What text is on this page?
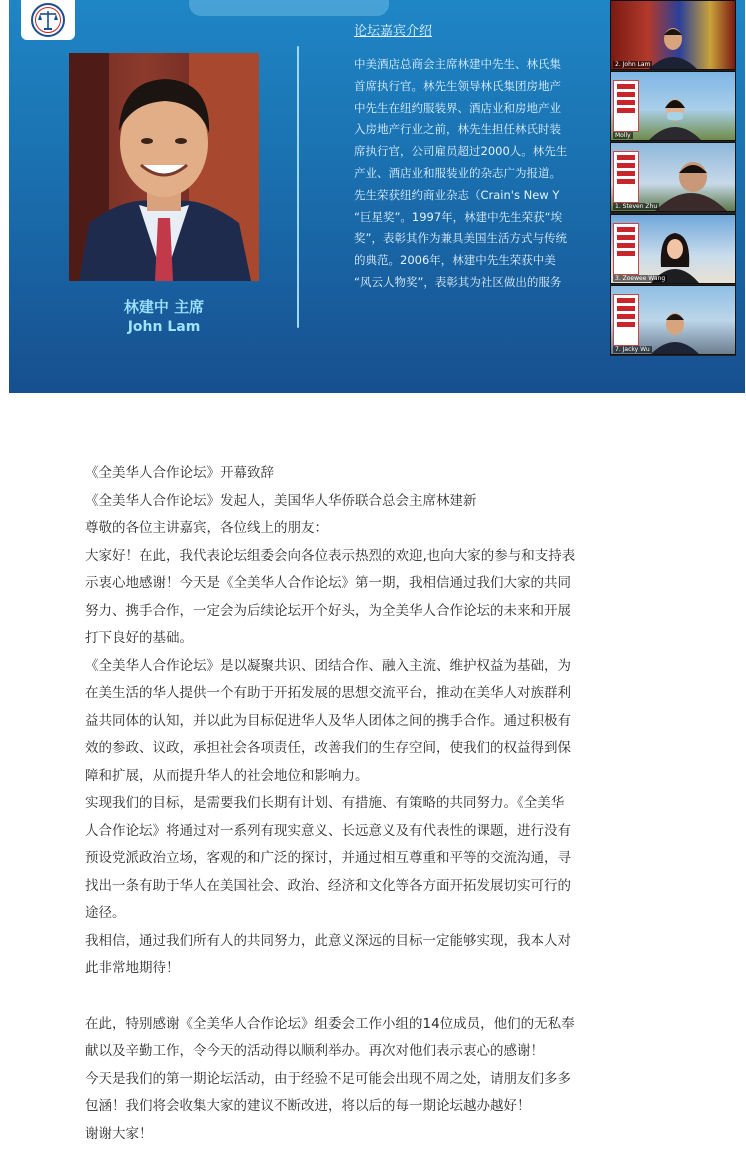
林建中 主席
John Lam
论坛嘉宾介绍
中美酒店总商会主席林建中先生、林氏集
首席执行官。林先生领导林氏集团房地产
中先生在纽约服装界、酒店业和房地产业
入房地产行业之前，林先生担任林氏时装
席执行官，公司雇员超过2000人。林先生
产业、酒店业和服装业的杂志广为报道。
先生荣获纽约商业杂志（Crain's New Y
“巨星奖”。1997年，林建中先生荣获“埃
奖”，表彰其作为兼具美国生活方式与传统
的典范。2006年，林建中先生荣获中美
“风云人物奖”，表彰其为社区做出的服务
2. John Lam
Molly
1. Steven Zhu
3. Zoewee Wang
7. Jacky Wu

《全美华人合作论坛》开幕致辞

《全美华人合作论坛》发起人，美国华人华侨联合总会主席林建新

尊敬的各位主讲嘉宾，各位线上的朋友：

大家好！在此，我代表论坛组委会向各位表示热烈的欢迎,也向大家的参与和支持表

示衷心地感谢！今天是《全美华人合作论坛》第一期，我相信通过我们大家的共同

努力、携手合作，一定会为后续论坛开个好头，为全美华人合作论坛的未来和开展

打下良好的基础。

《全美华人合作论坛》是以凝聚共识、团结合作、融入主流、维护权益为基础，为

在美生活的华人提供一个有助于开拓发展的思想交流平台，推动在美华人对族群利

益共同体的认知，并以此为目标促进华人及华人团体之间的携手合作。通过积极有

效的参政、议政，承担社会各项责任，改善我们的生存空间，使我们的权益得到保

障和扩展，从而提升华人的社会地位和影响力。

实现我们的目标，是需要我们长期有计划、有措施、有策略的共同努力。《全美华

人合作论坛》将通过对一系列有现实意义、长远意义及有代表性的课题，进行没有

预设党派政治立场，客观的和广泛的探讨，并通过相互尊重和平等的交流沟通，寻

找出一条有助于华人在美国社会、政治、经济和文化等各方面开拓发展切实可行的

途径。

我相信，通过我们所有人的共同努力，此意义深远的目标一定能够实现，我本人对

此非常地期待！

在此，特别感谢《全美华人合作论坛》组委会工作小组的14位成员，他们的无私奉

献以及辛勤工作，令今天的活动得以顺利举办。再次对他们表示衷心的感谢！

今天是我们的第一期论坛活动，由于经验不足可能会出现不周之处，请朋友们多多

包涵！我们将会收集大家的建议不断改进，将以后的每一期论坛越办越好！

谢谢大家！
